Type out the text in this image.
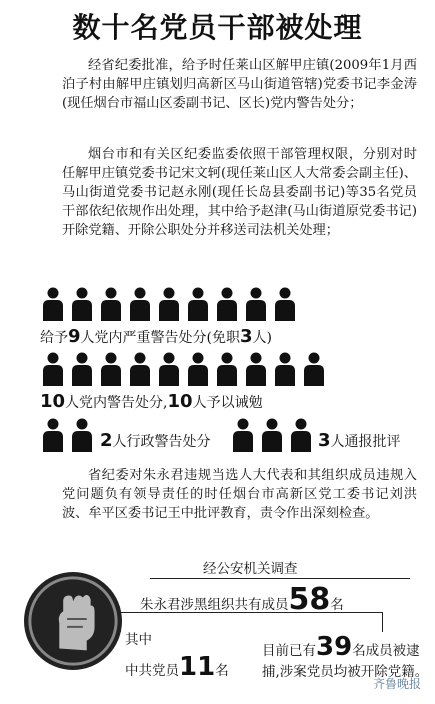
数十名党员干部被处理
经省纪委批准，给予时任莱山区解甲庄镇(2009年1月西泊子村由解甲庄镇划归高新区马山街道管辖)党委书记李金涛(现任烟台市福山区委副书记、区长)党内警告处分；
烟台市和有关区纪委监委依照干部管理权限，分别对时任解甲庄镇党委书记宋文轲(现任莱山区人大常委会副主任)、马山街道党委书记赵永刚(现任长岛县委副书记)等35名党员干部依纪依规作出处理，其中给予赵津(马山街道原党委书记)开除党籍、开除公职处分并移送司法机关处理；
给予9人党内严重警告处分(免职3人)
10人党内警告处分,10人予以诫勉
2人行政警告处分	3人通报批评
省纪委对朱永君违规当选人大代表和其组织成员违规入党问题负有领导责任的时任烟台市高新区党工委书记刘洪波、牟平区委书记王中批评教育，责令作出深刻检查。
经公安机关调查
朱永君涉黑组织共有成员58名
其中
中共党员11名
目前已有39名成员被逮
捕,涉案党员均被开除党籍。
齐鲁晚报
